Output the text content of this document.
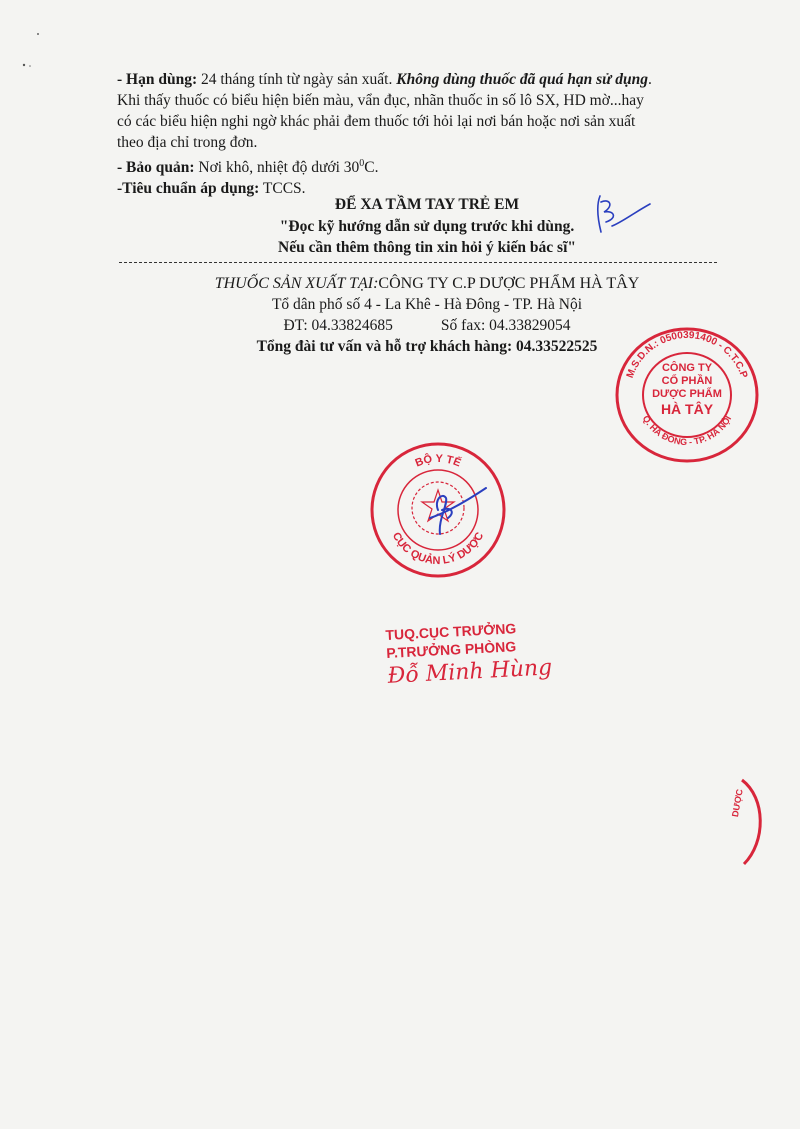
- Hạn dùng: 24 tháng tính từ ngày sản xuất. Không dùng thuốc đã quá hạn sử dụng.
Khi thấy thuốc có biểu hiện biến màu, vẩn đục, nhãn thuốc in số lô SX, HD mờ...hay
có các biểu hiện nghi ngờ khác phải đem thuốc tới hỏi lại nơi bán hoặc nơi sản xuất
theo địa chỉ trong đơn.
- Bảo quản: Nơi khô, nhiệt độ dưới $30^0C$.
-Tiêu chuẩn áp dụng: TCCS.
ĐỂ XA TẦM TAY TRẺ EM
"Đọc kỹ hướng dẫn sử dụng trước khi dùng.
Nếu cần thêm thông tin xin hỏi ý kiến bác sĩ"
THUỐC SẢN XUẤT TẠI:CÔNG TY C.P DƯỢC PHẨM HÀ TÂY
Tổ dân phố số 4 - La Khê - Hà Đông - TP. Hà Nội
ĐT: 04.33824685	Số fax: 04.33829054
Tổng đài tư vấn và hỗ trợ khách hàng: 04.33522525
M.S.D.N.: 0500391400 - C.T.C.P
Q. HÀ ĐÔNG - TP. HÀ NỘI
CÔNG TY
CỔ PHẦN
DƯỢC PHẨM
HÀ TÂY
BỘ Y TẾ
CỤC QUẢN LÝ DƯỢC
TUQ.CỤC TRƯỞNG
P.TRƯỞNG PHÒNG
Đỗ Minh Hùng
DƯỢC
